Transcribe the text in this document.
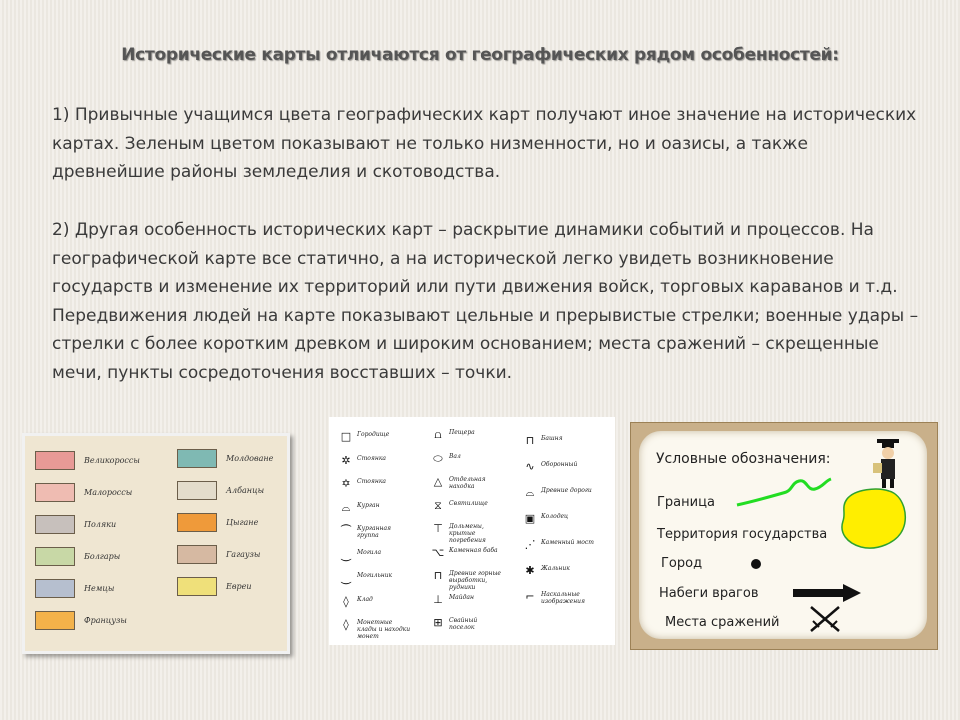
Исторические карты отличаются от географических рядом особенностей:
1) Привычные учащимся цвета географических карт получают иное значение на исторических картах. Зеленым цветом показывают не только низменности, но и оазисы, а также древнейшие районы земледелия и скотоводства.
2) Другая особенность исторических карт – раскрытие динамики событий и процессов. На географической карте все статично, а на исторической легко увидеть возникновение государств и изменение их территорий или пути движения войск, торговых караванов и т.д. Передвижения людей на карте показывают цельные и прерывистые стрелки; военные удары – стрелки с более коротким древком и широким основанием; места сражений – скрещенные мечи, пункты сосредоточения восставших – точки.
Великороссы
Малороссы
Поляки
Болгары
Немцы
Французы
Молдоване
Албанцы
Цыгане
Гагаузы
Евреи
□ Городище
✲	Стоянка
✡	Стоянка
⌓	Курган
⏜ Курганная группа
⏝ Могила
⏝ Могильник
◊	Клад
◊	Монетные клады и находки монет
⩍	Пещера
⬭	Вал
△	Отдельная находка
⧖	Святилище
⊤	Дольмены, крытые погребения
⌥ Каменная баба
⊓	Древние горные выработки, рудники
⊥	Майдан
⊞	Свайный поселок
⊓	Башня
∿	Оборонный
⌓	Древние дороги
▣ Колодец
⋰ Каменный мост
✱	Жальник
⌐	Наскальные изображения
Условные обозначения:
Граница
Территория государства
Город
Набеги врагов
Места сражений
